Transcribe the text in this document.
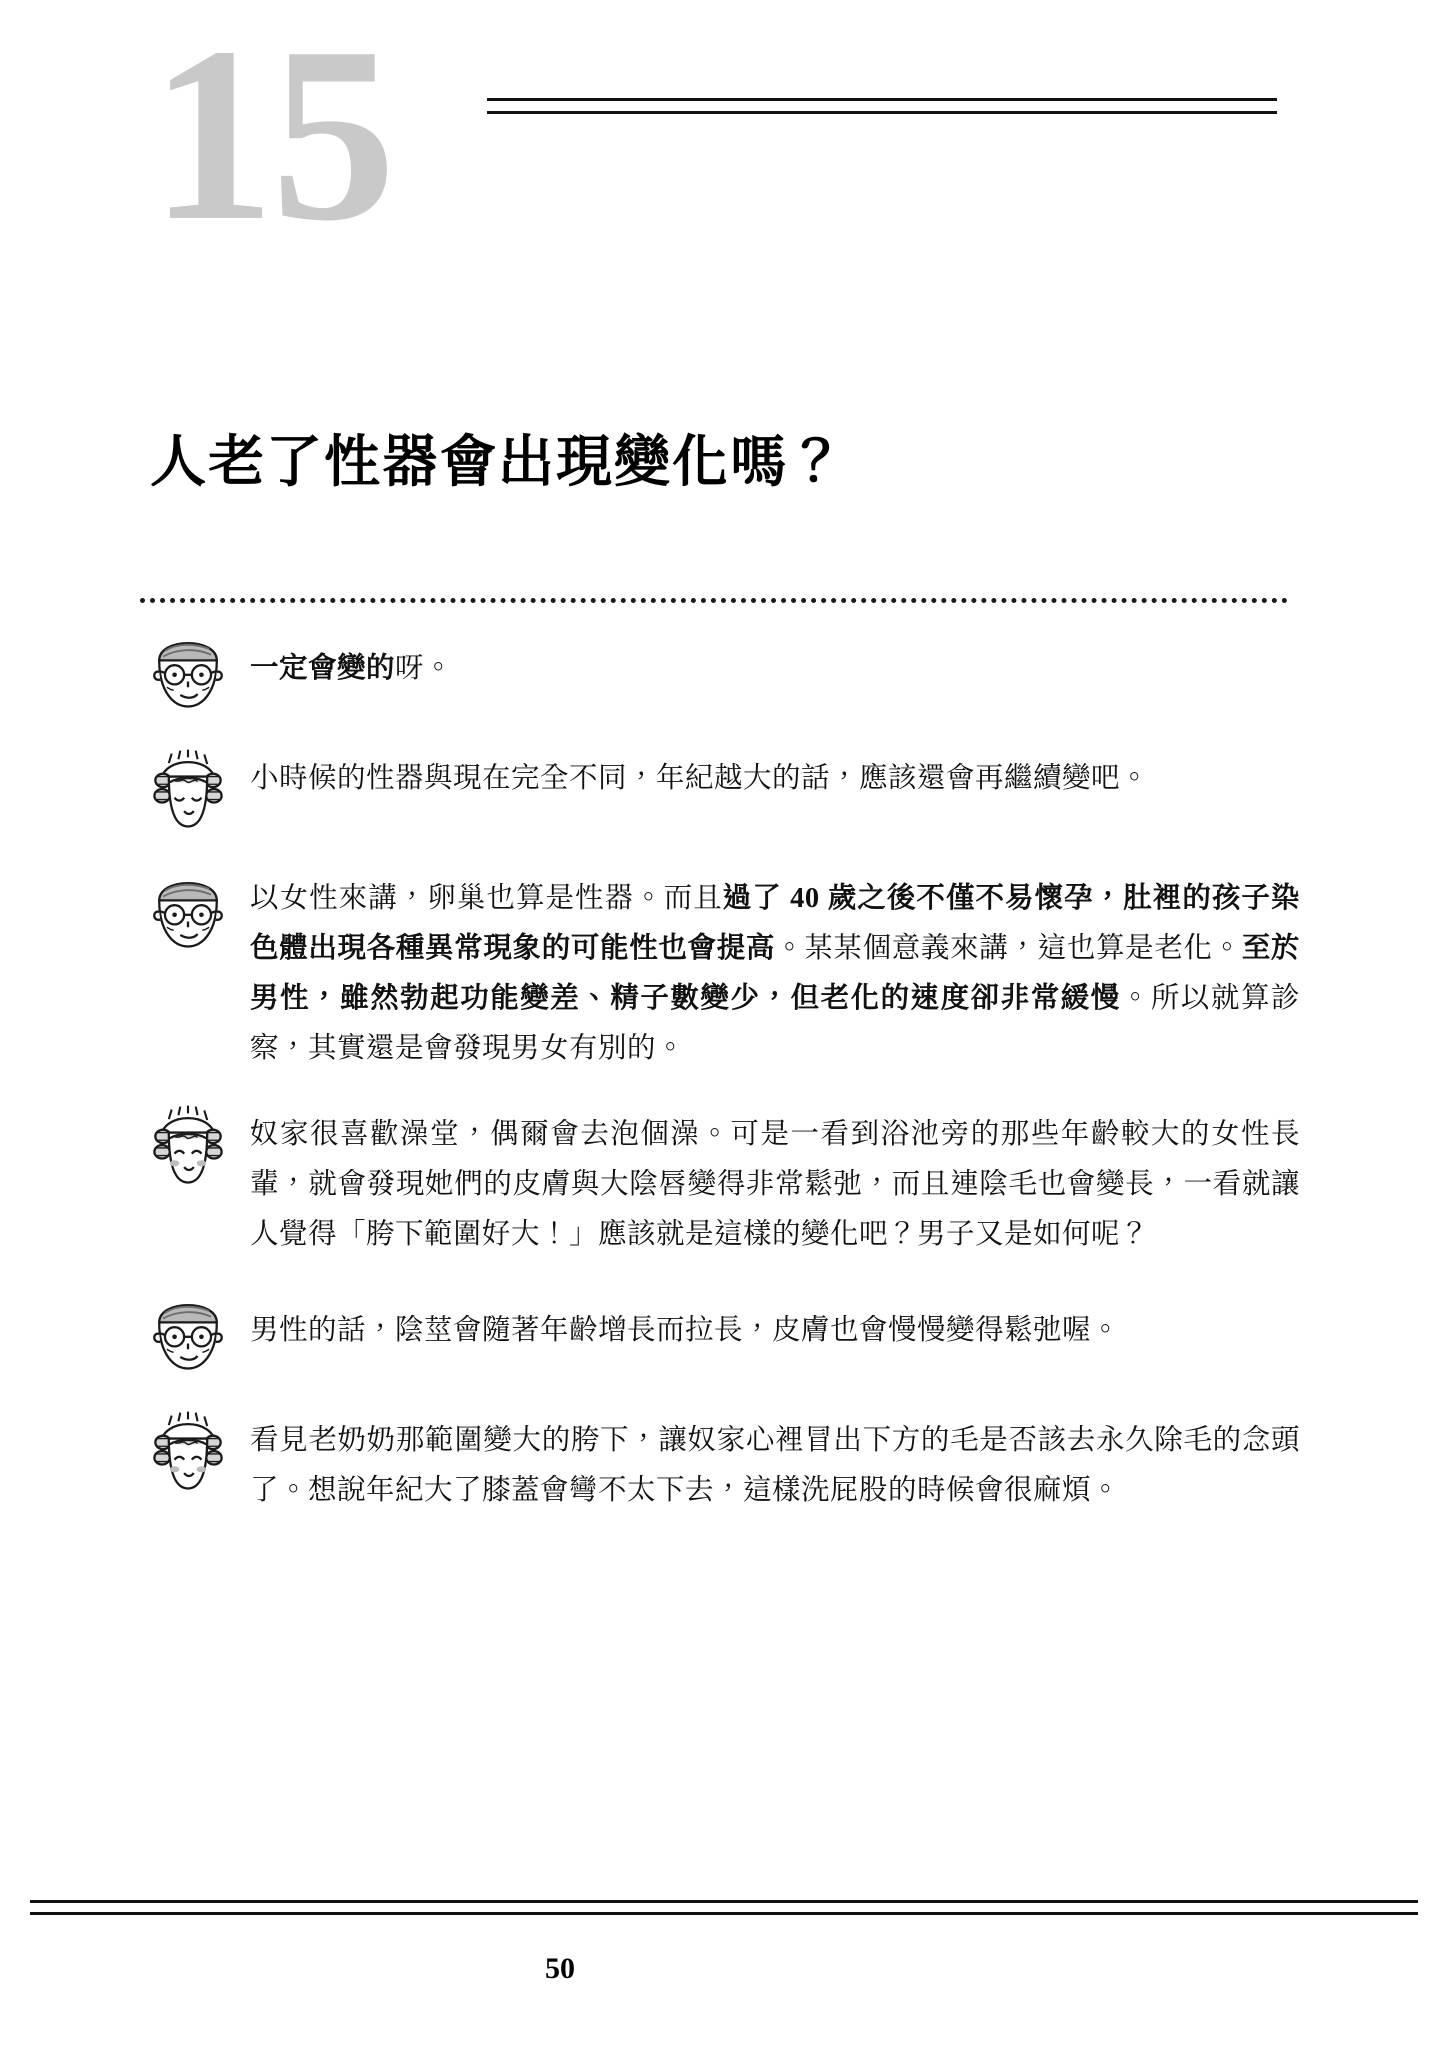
15
人老了性器會出現變化嗎？
一定會變的呀。
小時候的性器與現在完全不同，年紀越大的話，應該還會再繼續變吧。
以女性來講，卵巢也算是性器。而且過了 40 歲之後不僅不易懷孕，肚裡的孩子染色體出現各種異常現象的可能性也會提高。某某個意義來講，這也算是老化。至於男性，雖然勃起功能變差、精子數變少，但老化的速度卻非常緩慢。所以就算診察，其實還是會發現男女有別的。
奴家很喜歡澡堂，偶爾會去泡個澡。可是一看到浴池旁的那些年齡較大的女性長輩，就會發現她們的皮膚與大陰唇變得非常鬆弛，而且連陰毛也會變長，一看就讓人覺得「胯下範圍好大！」應該就是這樣的變化吧？男子又是如何呢？
男性的話，陰莖會隨著年齡增長而拉長，皮膚也會慢慢變得鬆弛喔。
看見老奶奶那範圍變大的胯下，讓奴家心裡冒出下方的毛是否該去永久除毛的念頭了。想說年紀大了膝蓋會彎不太下去，這樣洗屁股的時候會很麻煩。
50
